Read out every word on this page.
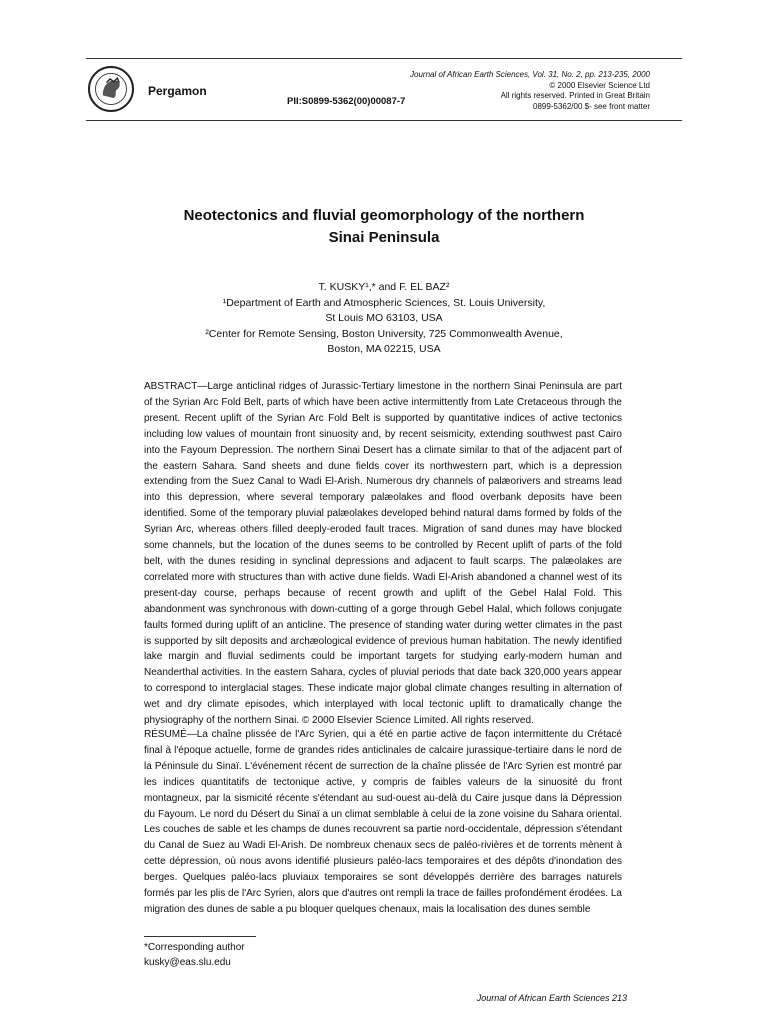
Pergamon
PII:S0899-5362(00)00087-7
Journal of African Earth Sciences, Vol. 31, No. 2, pp. 213-235, 2000
© 2000 Elsevier Science Ltd
All rights reserved. Printed in Great Britain
0899-5362/00 $- see front matter
Neotectonics and fluvial geomorphology of the northern
Sinai Peninsula
T. KUSKY¹,* and F. EL BAZ²
¹Department of Earth and Atmospheric Sciences, St. Louis University,
St Louis MO 63103, USA
²Center for Remote Sensing, Boston University, 725 Commonwealth Avenue,
Boston, MA 02215, USA
ABSTRACT—Large anticlinal ridges of Jurassic-Tertiary limestone in the northern Sinai Peninsula are part of the Syrian Arc Fold Belt, parts of which have been active intermittently from Late Cretaceous through the present. Recent uplift of the Syrian Arc Fold Belt is supported by quantitative indices of active tectonics including low values of mountain front sinuosity and, by recent seismicity, extending southwest past Cairo into the Fayoum Depression. The northern Sinai Desert has a climate similar to that of the adjacent part of the eastern Sahara. Sand sheets and dune fields cover its northwestern part, which is a depression extending from the Suez Canal to Wadi El-Arish. Numerous dry channels of palæorivers and streams lead into this depression, where several temporary palæolakes and flood overbank deposits have been identified. Some of the temporary pluvial palæolakes developed behind natural dams formed by folds of the Syrian Arc, whereas others filled deeply-eroded fault traces. Migration of sand dunes may have blocked some channels, but the location of the dunes seems to be controlled by Recent uplift of parts of the fold belt, with the dunes residing in synclinal depressions and adjacent to fault scarps. The palæolakes are correlated more with structures than with active dune fields. Wadi El-Arish abandoned a channel west of its present-day course, perhaps because of recent growth and uplift of the Gebel Halal Fold. This abandonment was synchronous with down-cutting of a gorge through Gebel Halal, which follows conjugate faults formed during uplift of an anticline. The presence of standing water during wetter climates in the past is supported by silt deposits and archæological evidence of previous human habitation. The newly identified lake margin and fluvial sediments could be important targets for studying early-modern human and Neanderthal activities. In the eastern Sahara, cycles of pluvial periods that date back 320,000 years appear to correspond to interglacial stages. These indicate major global climate changes resulting in alternation of wet and dry climate episodes, which interplayed with local tectonic uplift to dramatically change the physiography of the northern Sinai. © 2000 Elsevier Science Limited. All rights reserved.
RÉSUMÉ—La chaîne plissée de l'Arc Syrien, qui a été en partie active de façon intermittente du Crétacé final à l'époque actuelle, forme de grandes rides anticlinales de calcaire jurassique-tertiaire dans le nord de la Péninsule du Sinaï. L'événement récent de surrection de la chaîne plissée de l'Arc Syrien est montré par les indices quantitatifs de tectonique active, y compris de faibles valeurs de la sinuosité du front montagneux, par la sismicité récente s'étendant au sud-ouest au-delà du Caire jusque dans la Dépression du Fayoum. Le nord du Désert du Sinaï a un climat semblable à celui de la zone voisine du Sahara oriental. Les couches de sable et les champs de dunes recouvrent sa partie nord-occidentale, dépression s'étendant du Canal de Suez au Wadi El-Arish. De nombreux chenaux secs de paléo-rivières et de torrents mènent à cette dépression, où nous avons identifié plusieurs paléo-lacs temporaires et des dépôts d'inondation des berges. Quelques paléo-lacs pluviaux temporaires se sont développés derrière des barrages naturels formés par les plis de l'Arc Syrien, alors que d'autres ont rempli la trace de failles profondément érodées. La migration des dunes de sable a pu bloquer quelques chenaux, mais la localisation des dunes semble
*Corresponding author
kusky@eas.slu.edu
Journal of African Earth Sciences 213
